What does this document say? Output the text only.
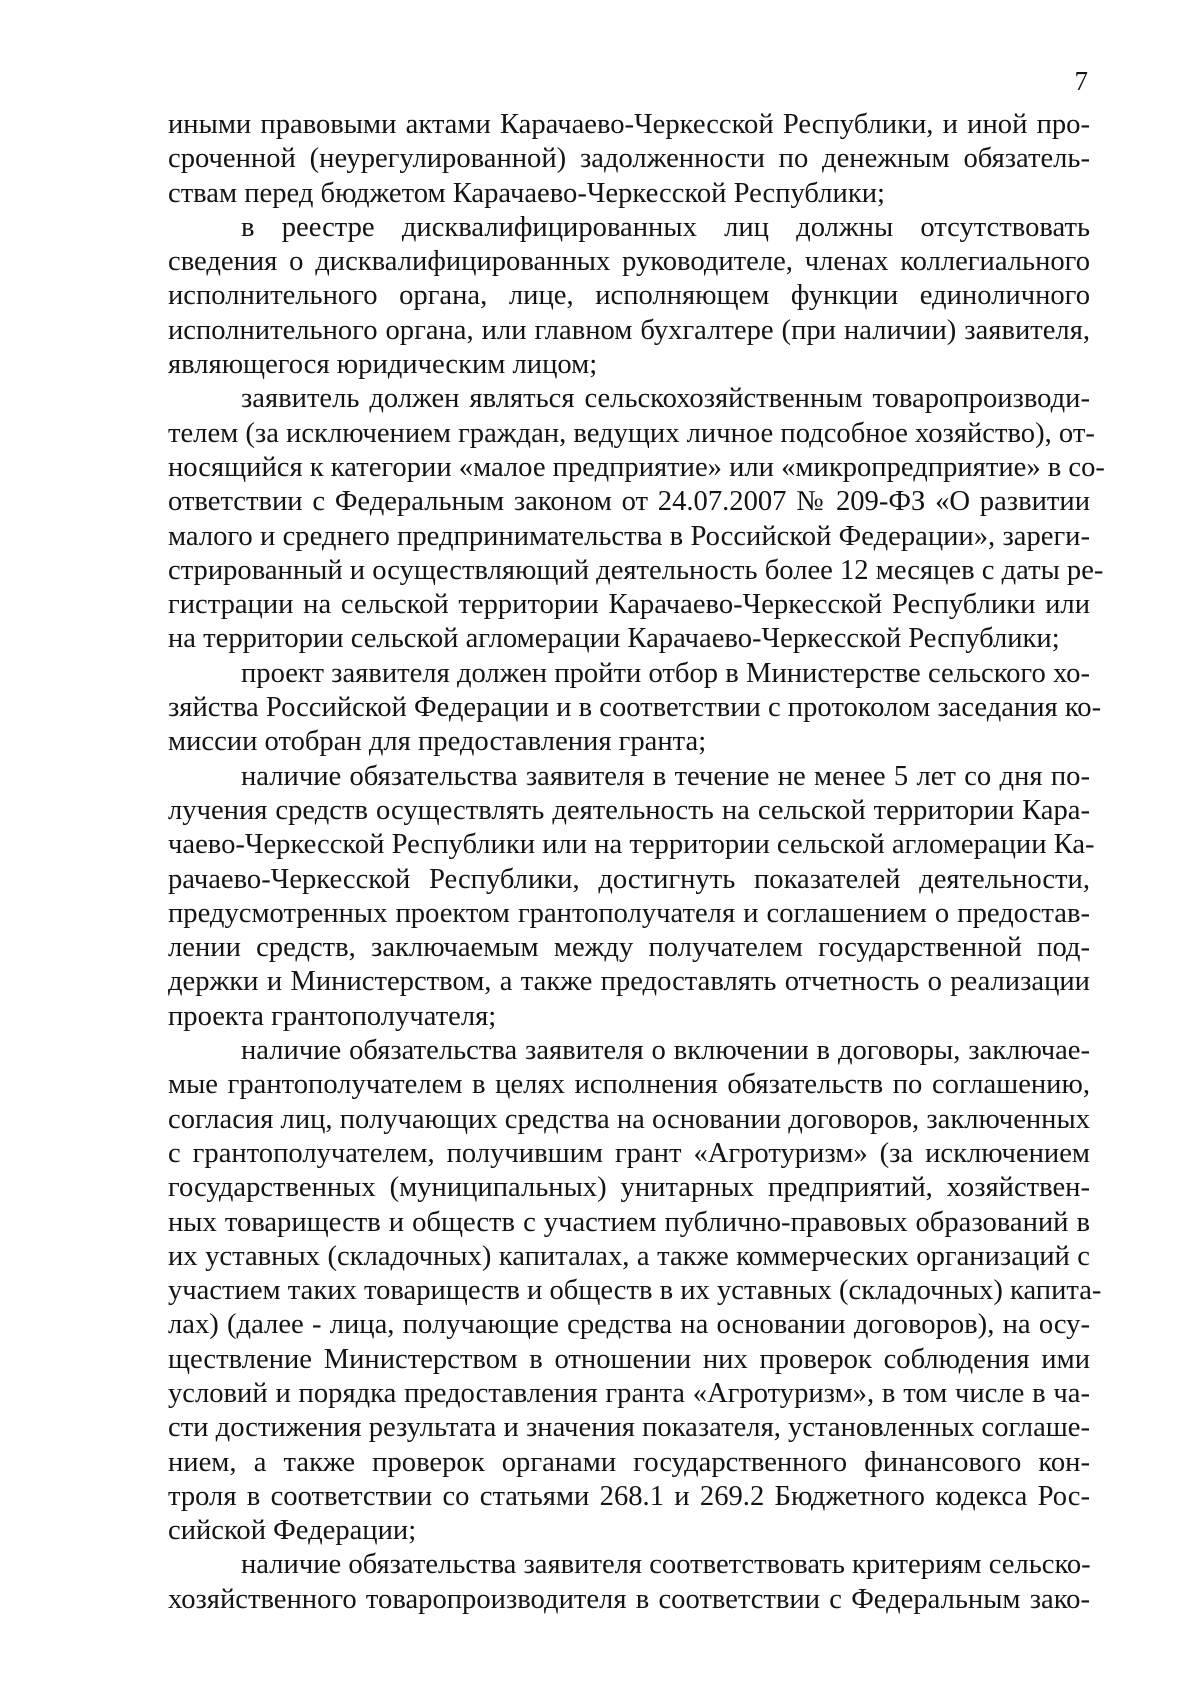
7

иными правовыми актами Карачаево-Черкесской Республики, и иной про-
сроченной (неурегулированной) задолженности по денежным обязатель-
ствам перед бюджетом Карачаево-Черкесской Республики;

в реестре дисквалифицированных лиц должны отсутствовать
сведения о дисквалифицированных руководителе, членах коллегиального
исполнительного органа, лице, исполняющем функции единоличного
исполнительного органа, или главном бухгалтере (при наличии) заявителя,
являющегося юридическим лицом;

заявитель должен являться сельскохозяйственным товаропроизводи-
телем (за исключением граждан, ведущих личное подсобное хозяйство), от-
носящийся к категории «малое предприятие» или «микропредприятие» в со-
ответствии с Федеральным законом от 24.07.2007 № 209-ФЗ «О развитии
малого и среднего предпринимательства в Российской Федерации», зареги-
стрированный и осуществляющий деятельность более 12 месяцев с даты ре-
гистрации на сельской территории Карачаево-Черкесской Республики или
на территории сельской агломерации Карачаево-Черкесской Республики;

проект заявителя должен пройти отбор в Министерстве сельского хо-
зяйства Российской Федерации и в соответствии с протоколом заседания ко-
миссии отобран для предоставления гранта;

наличие обязательства заявителя в течение не менее 5 лет со дня по-
лучения средств осуществлять деятельность на сельской территории Кара-
чаево-Черкесской Республики или на территории сельской агломерации Ка-
рачаево-Черкесской Республики, достигнуть показателей деятельности,
предусмотренных проектом грантополучателя и соглашением о предостав-
лении средств, заключаемым между получателем государственной под-
держки и Министерством, а также предоставлять отчетность о реализации
проекта грантополучателя;

наличие обязательства заявителя о включении в договоры, заключае-
мые грантополучателем в целях исполнения обязательств по соглашению,
согласия лиц, получающих средства на основании договоров, заключенных
с грантополучателем, получившим грант «Агротуризм» (за исключением
государственных (муниципальных) унитарных предприятий, хозяйствен-
ных товариществ и обществ с участием публично-правовых образований в
их уставных (складочных) капиталах, а также коммерческих организаций с
участием таких товариществ и обществ в их уставных (складочных) капита-
лах) (далее - лица, получающие средства на основании договоров), на осу-
ществление Министерством в отношении них проверок соблюдения ими
условий и порядка предоставления гранта «Агротуризм», в том числе в ча-
сти достижения результата и значения показателя, установленных соглаше-
нием, а также проверок органами государственного финансового кон-
троля в соответствии со статьями 268.1 и 269.2 Бюджетного кодекса Рос-
сийской Федерации;

наличие обязательства заявителя соответствовать критериям сельско-
хозяйственного товаропроизводителя в соответствии с Федеральным зако-
